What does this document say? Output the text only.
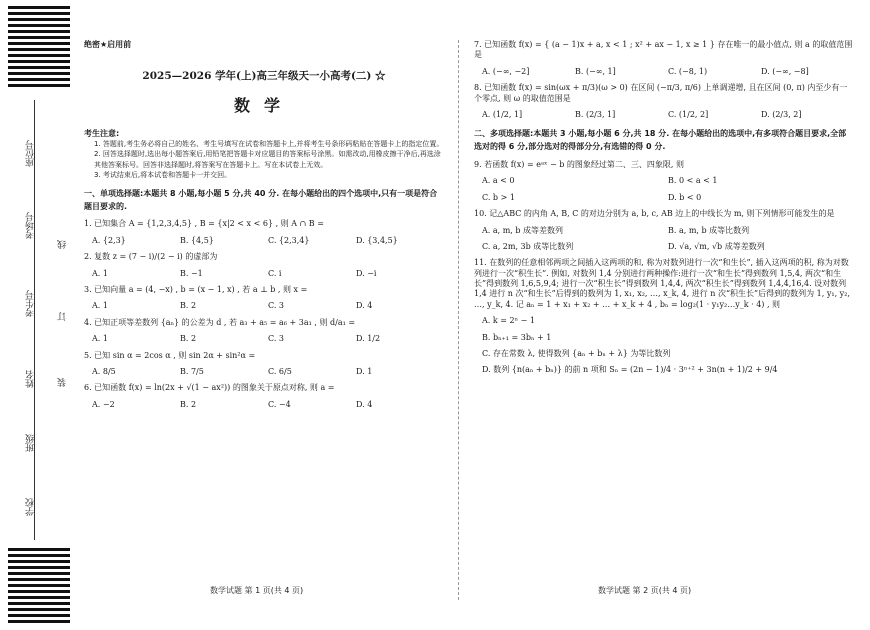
座位号
考场号
考生号
姓名
班级
学校
线
订
装
绝密★启用前
2025—2026 学年(上)高三年级天一小高考(二) ☆
数学
考生注意:
1. 答题前,考生务必将自己的姓名、考生号填写在试卷和答题卡上,并将考生号条形码粘贴在答题卡上的指定位置。
2. 回答选择题时,选出每小题答案后,用铅笔把答题卡对应题目的答案标号涂黑。如需改动,用橡皮擦干净后,再选涂其他答案标号。回答非选择题时,将答案写在答题卡上。写在本试卷上无效。
3. 考试结束后,将本试卷和答题卡一并交回。
一、单项选择题:本题共 8 小题,每小题 5 分,共 40 分. 在每小题给出的四个选项中,只有一项是符合题目要求的.
1. 已知集合 A = {1,2,3,4,5} , B = {x|2 < x < 6} , 则 A ∩ B =
A. {2,3}	B. {4,5}	C. {2,3,4}	D. {3,4,5}
2. 复数 z = (7 − i)/(2 − i) 的虚部为
A. 1	B. −1	C. i	D. −i
3. 已知向量 a = (4, −x) , b = (x − 1, x) , 若 a ⊥ b , 则 x =
A. 1	B. 2	C. 3	D. 4
4. 已知正项等差数列 {aₙ} 的公差为 d , 若 a₃ + a₅ = a₆ + 3a₁ , 则 d/a₁ =
A. 1	B. 2	C. 3	D. 1/2
5. 已知 sin α = 2cos α , 则 sin 2α + sin²α =
A. 8/5	B. 7/5	C. 6/5	D. 1
6. 已知函数 f(x) = ln(2x + √(1 − ax²)) 的图象关于原点对称, 则 a =
A. −2	B. 2	C. −4	D. 4
数学试题 第 1 页(共 4 页)
7. 已知函数 f(x) = { (a − 1)x + a, x < 1 ; x² + ax − 1, x ≥ 1 } 存在唯一的最小值点, 则 a 的取值范围是
A. (−∞, −2]	B. (−∞, 1]	C. (−8, 1)	D. (−∞, −8]
8. 已知函数 f(x) = sin(ωx + π/3)(ω > 0) 在区间 (−π/3, π/6) 上单调递增, 且在区间 (0, π) 内至少有一个零点, 则 ω 的取值范围是
A. (1/2, 1]	B. (2/3, 1]	C. (1/2, 2]	D. (2/3, 2]
二、多项选择题:本题共 3 小题,每小题 6 分,共 18 分. 在每小题给出的选项中,有多项符合题目要求,全部选对的得 6 分,部分选对的得部分分,有选错的得 0 分.
9. 若函数 f(x) = eᵃˣ − b 的图象经过第二、三、四象限, 则
A. a < 0	B. 0 < a < 1
C. b > 1	D. b < 0
10. 记△ABC 的内角 A, B, C 的对边分别为 a, b, c, AB 边上的中线长为 m, 则下列情形可能发生的是
A. a, m, b 成等差数列	B. a, m, b 成等比数列
C. a, 2m, 3b 成等比数列	D. √a, √m, √b 成等差数列
11. 在数列的任意相邻两项之间插入这两项的和, 称为对数列进行一次“和生长”, 插入这两项的积, 称为对数列进行一次“积生长”. 例如, 对数列 1,4 分别进行两种操作:进行一次“和生长”得到数列 1,5,4, 两次“和生长”得到数列 1,6,5,9,4; 进行一次“积生长”得到数列 1,4,4, 两次“积生长”得到数列 1,4,4,16,4. 设对数列 1,4 进行 n 次“和生长”后得到的数列为 1, x₁, x₂, …, x_k, 4, 进行 n 次“积生长”后得到的数列为 1, y₁, y₂, …, y_k, 4. 记 aₙ = 1 + x₁ + x₂ + … + x_k + 4 , bₙ = log₂(1 · y₁y₂…y_k · 4) , 则
A. k = 2ⁿ − 1
B. bₙ₊₁ = 3bₙ + 1
C. 存在常数 λ, 使得数列 {aₙ + bₙ + λ} 为等比数列
D. 数列 {n(aₙ + bₙ)} 的前 n 项和 Sₙ = (2n − 1)/4 · 3ⁿ⁺² + 3n(n + 1)/2 + 9/4
数学试题 第 2 页(共 4 页)
